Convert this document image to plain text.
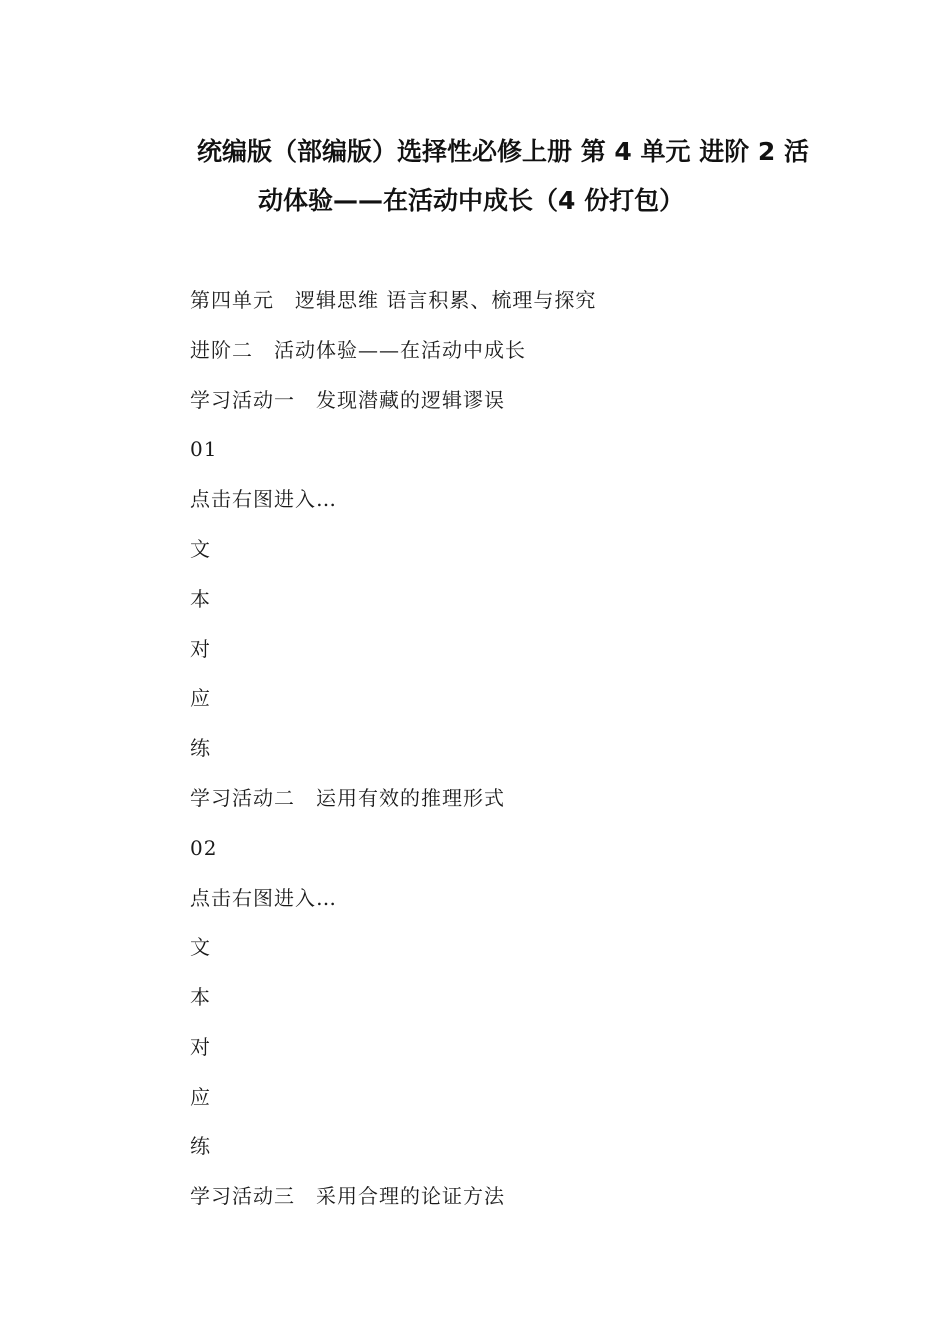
统编版（部编版）选择性必修上册 第 4 单元 进阶 2 活
动体验——在活动中成长（4 份打包）
第四单元　逻辑思维 语言积累、梳理与探究
进阶二　活动体验——在活动中成长
学习活动一　发现潜藏的逻辑谬误
01
点击右图进入…
文
本
对
应
练
学习活动二　运用有效的推理形式
02
点击右图进入…
文
本
对
应
练
学习活动三　采用合理的论证方法
